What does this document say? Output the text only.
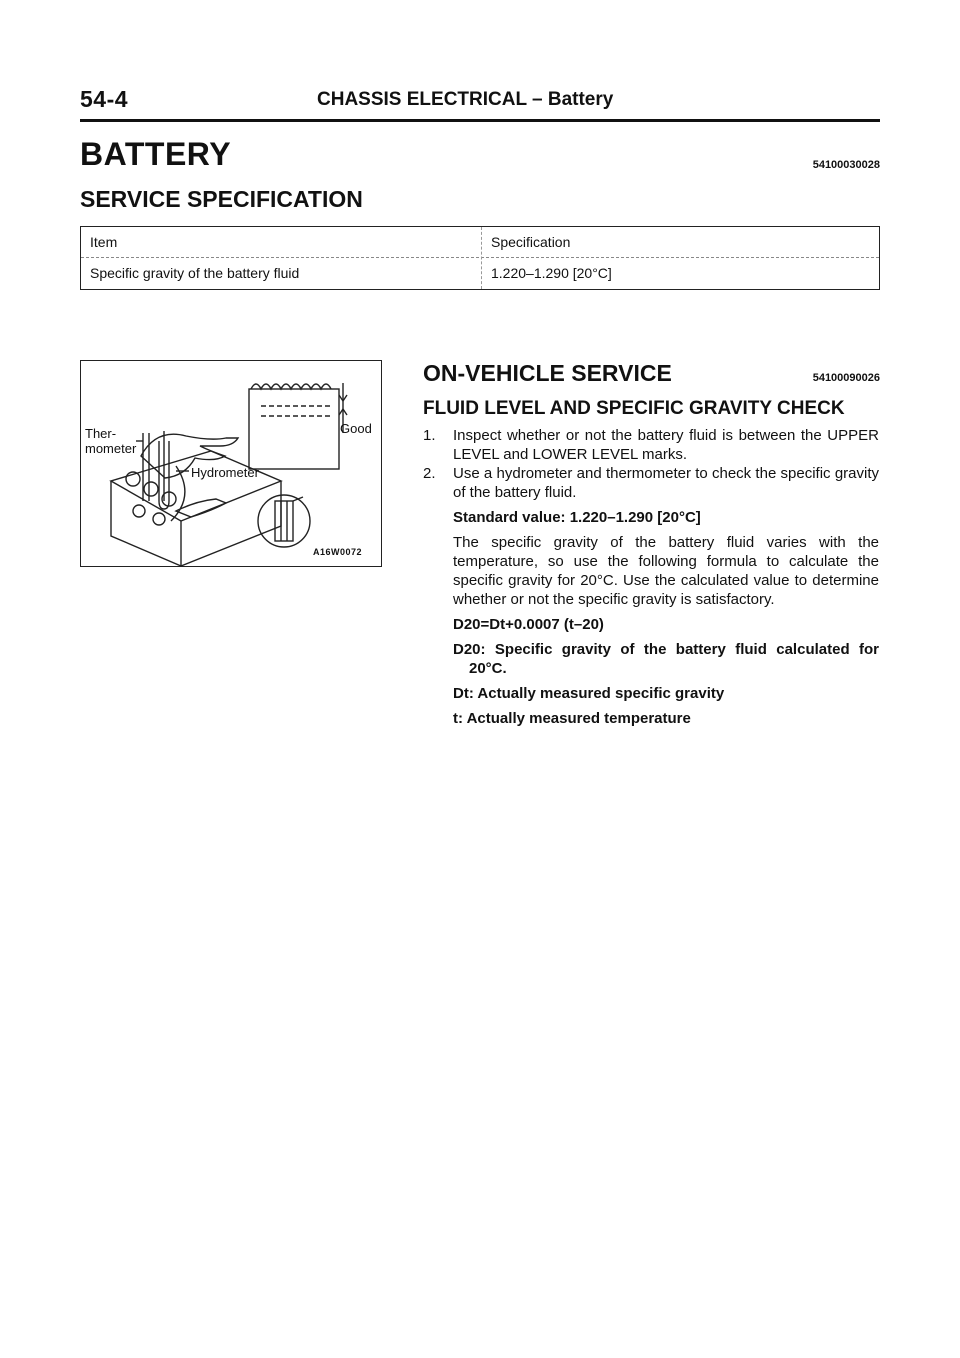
54-4	CHASSIS ELECTRICAL – Battery
BATTERY	54100030028
SERVICE SPECIFICATION
Item	Specification
Specific gravity of the battery fluid	1.220–1.290 [20°C]
Ther-
mometer
Good
Hydrometer
A16W0072
ON-VEHICLE SERVICE	54100090026
FLUID LEVEL AND SPECIFIC GRAVITY CHECK
1. Inspect whether or not the battery fluid is between the UPPER LEVEL and LOWER LEVEL marks.
2. Use a hydrometer and thermometer to check the specific gravity of the battery fluid.
Standard value: 1.220–1.290 [20°C]
The specific gravity of the battery fluid varies with the temperature, so use the following formula to calculate the specific gravity for 20°C. Use the calculated value to determine whether or not the specific gravity is satisfactory.
D20=Dt+0.0007 (t–20)
D20: Specific gravity of the battery fluid calculated for 20°C.
Dt: Actually measured specific gravity
t: Actually measured temperature
